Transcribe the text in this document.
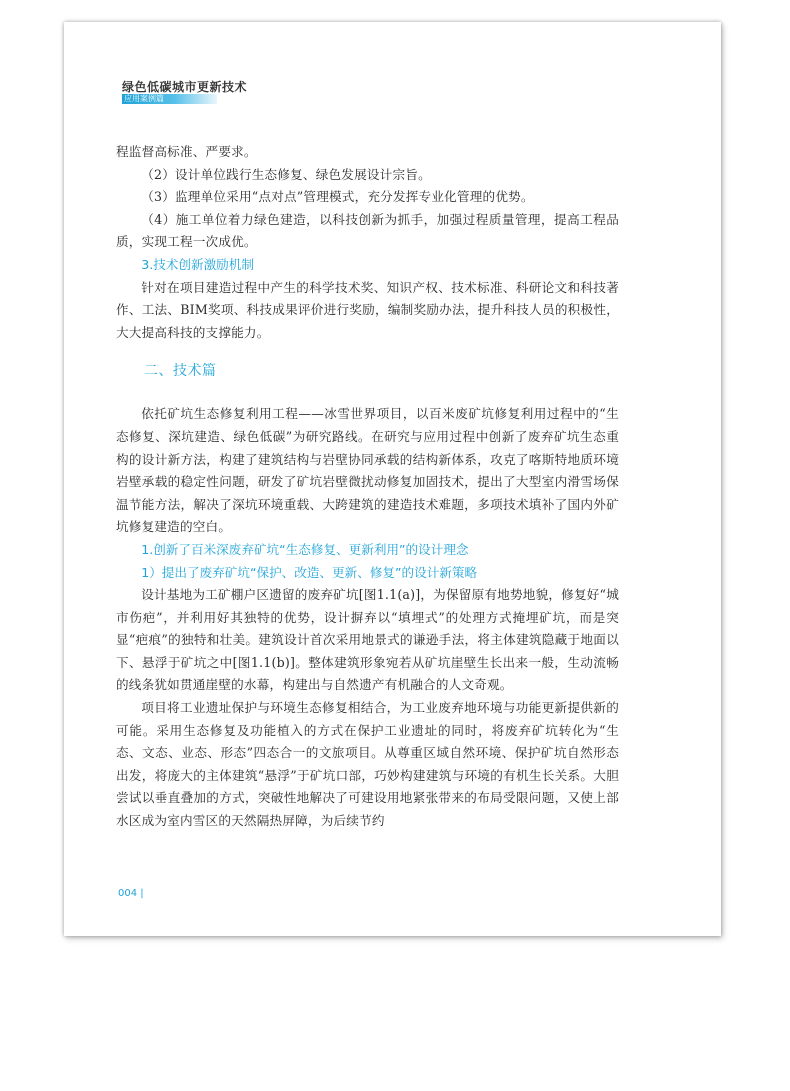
绿色低碳城市更新技术
应用案例篇

程监督高标准、严要求。

（2）设计单位践行生态修复、绿色发展设计宗旨。

（3）监理单位采用“点对点”管理模式，充分发挥专业化管理的优势。

（4）施工单位着力绿色建造，以科技创新为抓手，加强过程质量管理，提高工程品质，实现工程一次成优。

3.技术创新激励机制

针对在项目建造过程中产生的科学技术奖、知识产权、技术标准、科研论文和科技著作、工法、BIM奖项、科技成果评价进行奖励，编制奖励办法，提升科技人员的积极性，大大提高科技的支撑能力。

二、技术篇

依托矿坑生态修复利用工程——冰雪世界项目，以百米废矿坑修复利用过程中的“生态修复、深坑建造、绿色低碳”为研究路线。在研究与应用过程中创新了废弃矿坑生态重构的设计新方法，构建了建筑结构与岩壁协同承载的结构新体系，攻克了喀斯特地质环境岩壁承载的稳定性问题，研发了矿坑岩壁微扰动修复加固技术，提出了大型室内滑雪场保温节能方法，解决了深坑环境重载、大跨建筑的建造技术难题，多项技术填补了国内外矿坑修复建造的空白。

1.创新了百米深废弃矿坑“生态修复、更新利用”的设计理念

1）提出了废弃矿坑“保护、改造、更新、修复”的设计新策略

设计基地为工矿棚户区遗留的废弃矿坑[图1.1(a)]，为保留原有地势地貌，修复好“城市伤疤”，并利用好其独特的优势，设计摒弃以“填埋式”的处理方式掩埋矿坑，而是突显“疤痕”的独特和壮美。建筑设计首次采用地景式的谦逊手法，将主体建筑隐藏于地面以下、悬浮于矿坑之中[图1.1(b)]。整体建筑形象宛若从矿坑崖壁生长出来一般，生动流畅的线条犹如贯通崖壁的水幕，构建出与自然遗产有机融合的人文奇观。

项目将工业遗址保护与环境生态修复相结合，为工业废弃地环境与功能更新提供新的可能。采用生态修复及功能植入的方式在保护工业遗址的同时，将废弃矿坑转化为“生态、文态、业态、形态”四态合一的文旅项目。从尊重区域自然环境、保护矿坑自然形态出发，将庞大的主体建筑“悬浮”于矿坑口部，巧妙构建建筑与环境的有机生长关系。大胆尝试以垂直叠加的方式，突破性地解决了可建设用地紧张带来的布局受限问题，又使上部水区成为室内雪区的天然隔热屏障，为后续节约

004 |
